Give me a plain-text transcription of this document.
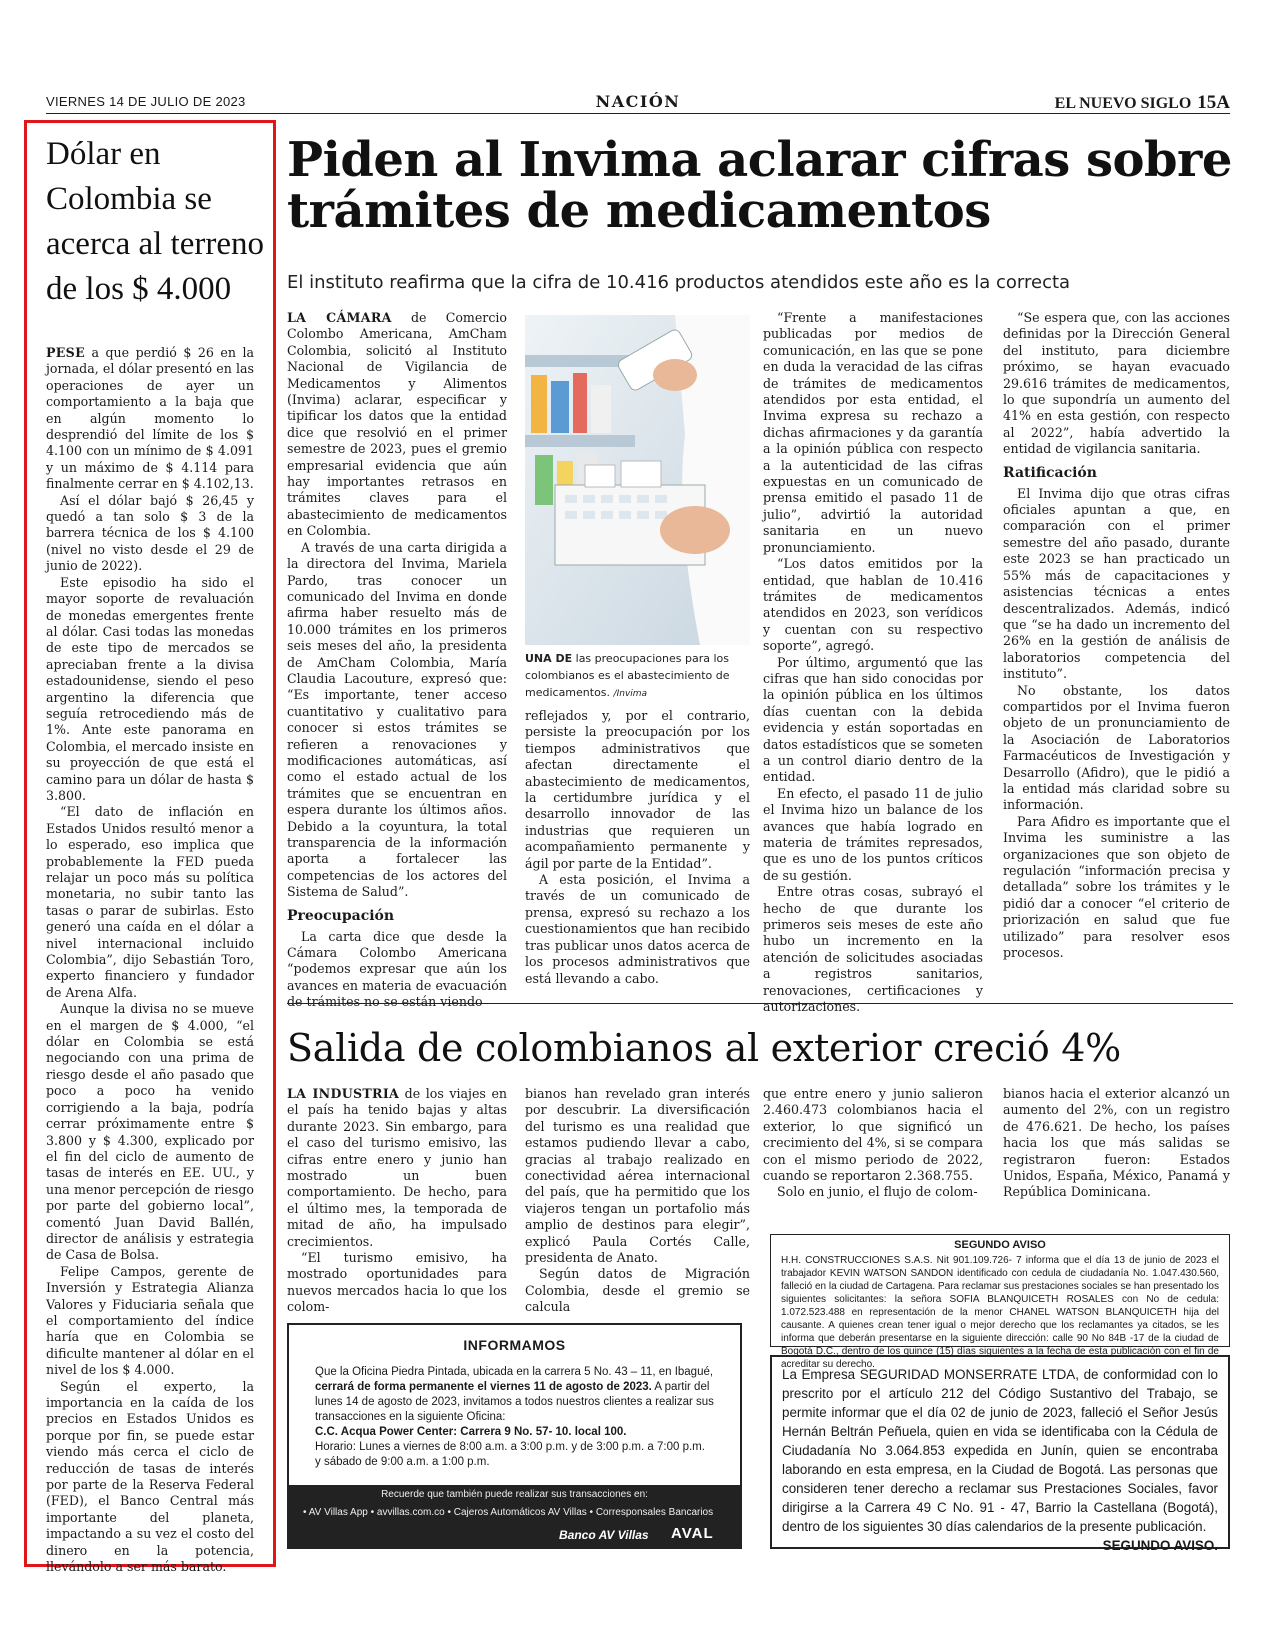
VIERNES 14 DE JULIO DE 2023	NACIÓN	EL NUEVO SIGLO 15A
Dólar en Colombia se acerca al terreno de los $ 4.000

PESE a que perdió $ 26 en la jornada, el dólar presentó en las operaciones de ayer un comportamiento a la baja que en algún momento lo desprendió del límite de los $ 4.100 con un mínimo de $ 4.091 y un máximo de $ 4.114 para finalmente cerrar en $ 4.102,13.

Así el dólar bajó $ 26,45 y quedó a tan solo $ 3 de la barrera técnica de los $ 4.100 (nivel no visto desde el 29 de junio de 2022).

Este episodio ha sido el mayor soporte de revaluación de monedas emergentes frente al dólar. Casi todas las monedas de este tipo de mercados se apreciaban frente a la divisa estadounidense, siendo el peso argentino la diferencia que seguía retrocediendo más de 1%. Ante este panorama en Colombia, el mercado insiste en su proyección de que está el camino para un dólar de hasta $ 3.800.

“El dato de inflación en Estados Unidos resultó menor a lo esperado, eso implica que probablemente la FED pueda relajar un poco más su política monetaria, no subir tanto las tasas o parar de subirlas. Esto generó una caída en el dólar a nivel internacional incluido Colombia”, dijo Sebastián Toro, experto financiero y fundador de Arena Alfa.

Aunque la divisa no se mueve en el margen de $ 4.000, “el dólar en Colombia se está negociando con una prima de riesgo desde el año pasado que poco a poco ha venido corrigiendo a la baja, podría cerrar próximamente entre $ 3.800 y $ 4.300, explicado por el fin del ciclo de aumento de tasas de interés en EE. UU., y una menor percepción de riesgo por parte del gobierno local”, comentó Juan David Ballén, director de análisis y estrategia de Casa de Bolsa.

Felipe Campos, gerente de Inversión y Estrategia Alianza Valores y Fiduciaria señala que el comportamiento del índice haría que en Colombia se dificulte mantener al dólar en el nivel de los $ 4.000.

Según el experto, la importancia en la caída de los precios en Estados Unidos es porque por fin, se puede estar viendo más cerca el ciclo de reducción de tasas de interés por parte de la Reserva Federal (FED), el Banco Central más importante del planeta, impactando a su vez el costo del dinero en la potencia, llevándolo a ser más barato.

Piden al Invima aclarar cifras sobre trámites de medicamentos
El instituto reafirma que la cifra de 10.416 productos atendidos este año es la correcta

LA CÁMARA de Comercio Colombo Americana, AmCham Colombia, solicitó al Instituto Nacional de Vigilancia de Medicamentos y Alimentos (Invima) aclarar, especificar y tipificar los datos que la entidad dice que resolvió en el primer semestre de 2023, pues el gremio empresarial evidencia que aún hay importantes retrasos en trámites claves para el abastecimiento de medicamentos en Colombia.

A través de una carta dirigida a la directora del Invima, Mariela Pardo, tras conocer un comunicado del Invima en donde afirma haber resuelto más de 10.000 trámites en los primeros seis meses del año, la presidenta de AmCham Colombia, María Claudia Lacouture, expresó que: “Es importante, tener acceso cuantitativo y cualitativo para conocer si estos trámites se refieren a renovaciones y modificaciones automáticas, así como el estado actual de los trámites que se encuentran en espera durante los últimos años. Debido a la coyuntura, la total transparencia de la información aporta a fortalecer las competencias de los actores del Sistema de Salud”.

Preocupación

La carta dice que desde la Cámara Colombo Americana “podemos expresar que aún los avances en materia de evacuación de trámites no se están viendo

UNA DE las preocupaciones para los colombianos es el abastecimiento de medicamentos. /Invima

reflejados y, por el contrario, persiste la preocupación por los tiempos administrativos que afectan directamente el abastecimiento de medicamentos, la certidumbre jurídica y el desarrollo innovador de las industrias que requieren un acompañamiento permanente y ágil por parte de la Entidad”.

A esta posición, el Invima a través de un comunicado de prensa, expresó su rechazo a los cuestionamientos que han recibido tras publicar unos datos acerca de los procesos administrativos que está llevando a cabo.

“Frente a manifestaciones publicadas por medios de comunicación, en las que se pone en duda la veracidad de las cifras de trámites de medicamentos atendidos por esta entidad, el Invima expresa su rechazo a dichas afirmaciones y da garantía a la opinión pública con respecto a la autenticidad de las cifras expuestas en un comunicado de prensa emitido el pasado 11 de julio”, advirtió la autoridad sanitaria en un nuevo pronunciamiento.

“Los datos emitidos por la entidad, que hablan de 10.416 trámites de medicamentos atendidos en 2023, son verídicos y cuentan con su respectivo soporte”, agregó.

Por último, argumentó que las cifras que han sido conocidas por la opinión pública en los últimos días cuentan con la debida evidencia y están soportadas en datos estadísticos que se someten a un control diario dentro de la entidad.

En efecto, el pasado 11 de julio el Invima hizo un balance de los avances que había logrado en materia de trámites represados, que es uno de los puntos críticos de su gestión.

Entre otras cosas, subrayó el hecho de que durante los primeros seis meses de este año hubo un incremento en la atención de solicitudes asociadas a registros sanitarios, renovaciones, certificaciones y autorizaciones.

“Se espera que, con las acciones definidas por la Dirección General del instituto, para diciembre próximo, se hayan evacuado 29.616 trámites de medicamentos, lo que supondría un aumento del 41% en esta gestión, con respecto al 2022”, había advertido la entidad de vigilancia sanitaria.

Ratificación

El Invima dijo que otras cifras oficiales apuntan a que, en comparación con el primer semestre del año pasado, durante este 2023 se han practicado un 55% más de capacitaciones y asistencias técnicas a entes descentralizados. Además, indicó que “se ha dado un incremento del 26% en la gestión de análisis de laboratorios competencia del instituto”.

No obstante, los datos compartidos por el Invima fueron objeto de un pronunciamiento de la Asociación de Laboratorios Farmacéuticos de Investigación y Desarrollo (Afidro), que le pidió a la entidad más claridad sobre su información.

Para Afidro es importante que el Invima les suministre a las organizaciones que son objeto de regulación “información precisa y detallada” sobre los trámites y le pidió dar a conocer “el criterio de priorización en salud que fue utilizado” para resolver esos procesos.

Salida de colombianos al exterior creció 4%

LA INDUSTRIA de los viajes en el país ha tenido bajas y altas durante 2023. Sin embargo, para el caso del turismo emisivo, las cifras entre enero y junio han mostrado un buen comportamiento. De hecho, para el último mes, la temporada de mitad de año, ha impulsado crecimientos.

“El turismo emisivo, ha mostrado oportunidades para nuevos mercados hacia lo que los colom-

bianos han revelado gran interés por descubrir. La diversificación del turismo es una realidad que estamos pudiendo llevar a cabo, gracias al trabajo realizado en conectividad aérea internacional del país, que ha permitido que los viajeros tengan un portafolio más amplio de destinos para elegir”, explicó Paula Cortés Calle, presidenta de Anato.

Según datos de Migración Colombia, desde el gremio se calcula

que entre enero y junio salieron 2.460.473 colombianos hacia el exterior, lo que significó un crecimiento del 4%, si se compara con el mismo periodo de 2022, cuando se reportaron 2.368.755.

Solo en junio, el flujo de colom-

bianos hacia el exterior alcanzó un aumento del 2%, con un registro de 476.621. De hecho, los países hacia los que más salidas se registraron fueron: Estados Unidos, España, México, Panamá y República Dominicana.

INFORMAMOS
Que la Oficina Piedra Pintada, ubicada en la carrera 5 No. 43 – 11, en Ibagué, cerrará de forma permanente el viernes 11 de agosto de 2023. A partir del lunes 14 de agosto de 2023, invitamos a todos nuestros clientes a realizar sus transacciones en la siguiente Oficina:
C.C. Acqua Power Center: Carrera 9 No. 57- 10. local 100.
Horario: Lunes a viernes de 8:00 a.m. a 3:00 p.m. y de 3:00 p.m. a 7:00 p.m.
y sábado de 9:00 a.m. a 1:00 p.m.
Recuerde que también puede realizar sus transacciones en:
• AV Villas App • avvillas.com.co • Cajeros Automáticos AV Villas • Corresponsales Bancarios
Banco AV Villas AVAL
SEGUNDO AVISO
H.H. CONSTRUCCIONES S.A.S. Nit 901.109.726- 7 informa que el día 13 de junio de 2023 el trabajador KEVIN WATSON SANDON identificado con cedula de ciudadanía No. 1.047.430.560, falleció en la ciudad de Cartagena. Para reclamar sus prestaciones sociales se han presentado los siguientes solicitantes: la señora SOFIA BLANQUICETH ROSALES con No de cedula: 1.072.523.488 en representación de la menor CHANEL WATSON BLANQUICETH hija del causante. A quienes crean tener igual o mejor derecho que los reclamantes ya citados, se les informa que deberán presentarse en la siguiente dirección: calle 90 No 84B -17 de la ciudad de Bogotá D.C., dentro de los quince (15) días siguientes a la fecha de esta publicación con el fin de acreditar su derecho.
La Empresa SEGURIDAD MONSERRATE LTDA, de conformidad con lo prescrito por el artículo 212 del Código Sustantivo del Trabajo, se permite informar que el día 02 de junio de 2023, falleció el Señor Jesús Hernán Beltrán Peñuela, quien en vida se identificaba con la Cédula de Ciudadanía No 3.064.853 expedida en Junín, quien se encontraba laborando en esta empresa, en la Ciudad de Bogotá. Las personas que consideren tener derecho a reclamar sus Prestaciones Sociales, favor dirigirse a la Carrera 49 C No. 91 - 47, Barrio la Castellana (Bogotá), dentro de los siguientes 30 días calendarios de la presente publicación.
SEGUNDO AVISO.
